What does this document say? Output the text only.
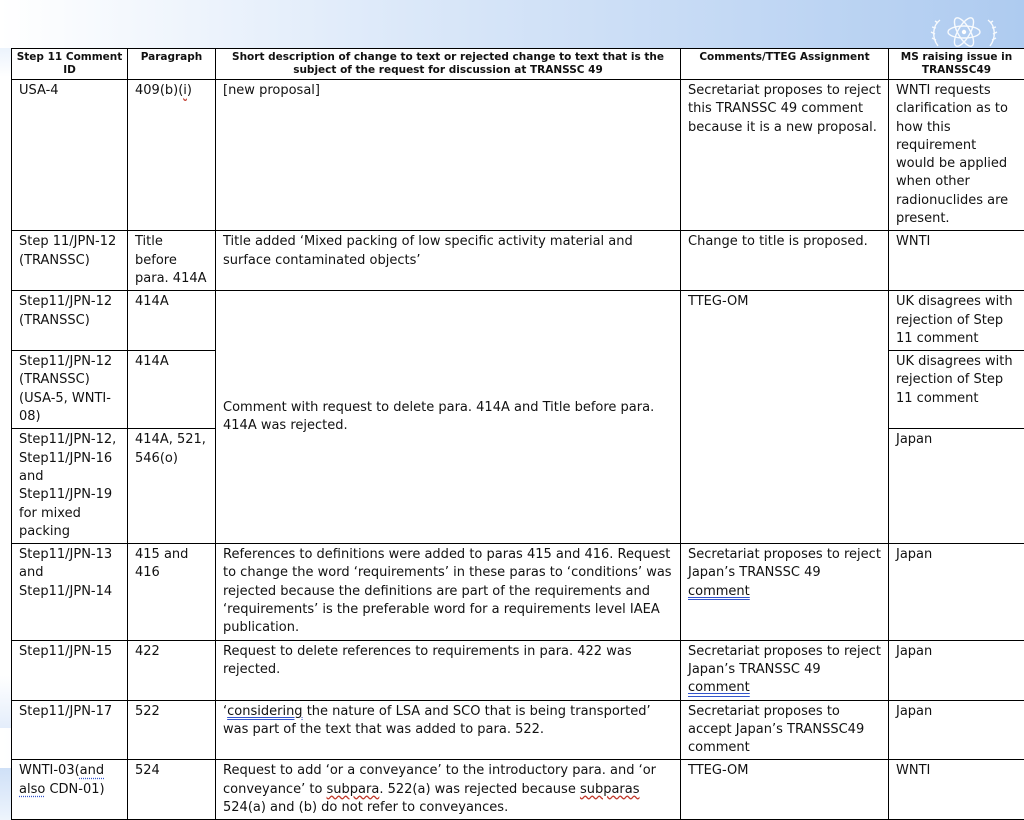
Step 11 Comment ID	Paragraph	Short description of change to text or rejected change to text that is the subject of the request for discussion at TRANSSC 49	Comments/TTEG Assignment	MS raising issue in TRANSSC49
USA-4	409(b)(i)	[new proposal]	Secretariat proposes to reject this TRANSSC 49 comment because it is a new proposal.	WNTI requests clarification as to how this requirement would be applied when other radionuclides are present.
Step 11/JPN-12 (TRANSSC)	Title before para. 414A	Title added ‘Mixed packing of low specific activity material and surface contaminated objects’	Change to title is proposed.	WNTI
Step11/JPN-12 (TRANSSC)	414A	Comment with request to delete para. 414A and Title before para. 414A was rejected.	TTEG-OM	UK disagrees with rejection of Step 11 comment
Step11/JPN-12 (TRANSSC) (USA-5, WNTI-08)	414A			UK disagrees with rejection of Step 11 comment
Step11/JPN-12, Step11/JPN-16 and Step11/JPN-19 for mixed packing	414A, 521, 546(o)			Japan
Step11/JPN-13 and Step11/JPN-14	415 and 416	References to definitions were added to paras 415 and 416. Request to change the word ‘requirements’ in these paras to ‘conditions’ was rejected because the definitions are part of the requirements and ‘requirements’ is the preferable word for a requirements level IAEA publication.	Secretariat proposes to reject Japan’s TRANSSC 49 comment	Japan
Step11/JPN-15	422	Request to delete references to requirements in para. 422 was rejected.	Secretariat proposes to reject Japan’s TRANSSC 49 comment	Japan
Step11/JPN-17	522	‘considering the nature of LSA and SCO that is being transported’ was part of the text that was added to para. 522.	Secretariat proposes to accept Japan’s TRANSSC49 comment	Japan
WNTI-03(and also CDN-01)	524	Request to add ‘or a conveyance’ to the introductory para. and ‘or conveyance’ to subpara. 522(a) was rejected because subparas 524(a) and (b) do not refer to conveyances.	TTEG-OM	WNTI
